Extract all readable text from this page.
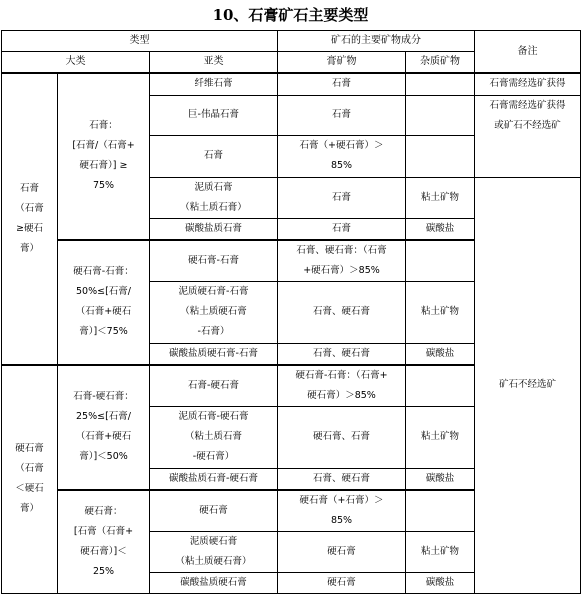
10、石膏矿石主要类型
类型			矿石的主要矿物成分		备注
大类		亚类	膏矿物	杂质矿物	
石膏
（石膏
≥硬石
膏）	石膏：
[石膏/（石膏+
硬石膏）] ≥
75%	纤维石膏	石膏		石膏需经选矿获得
		巨-伟晶石膏	石膏		石膏需经选矿获得
或矿石不经选矿
		石膏	石膏（+硬石膏）＞
85%		
		泥质石膏
（粘土质石膏）	石膏	粘土矿物	矿石不经选矿
		碳酸盐质石膏	石膏	碳酸盐	
	硬石膏-石膏：
50%≤[石膏/
（石膏+硬石
膏）]＜75%	硬石膏-石膏	石膏、硬石膏：（石膏
+硬石膏）＞85%		
		泥质硬石膏-石膏
（粘土质硬石膏
-石膏）	石膏、硬石膏	粘土矿物	
		碳酸盐质硬石膏-石膏	石膏、硬石膏	碳酸盐	
硬石膏
（石膏
＜硬石
膏）	石膏-硬石膏：
25%≤[石膏/
（石膏+硬石
膏）]＜50%	石膏-硬石膏	硬石膏-石膏：（石膏+
硬石膏）＞85%		
		泥质石膏-硬石膏
（粘土质石膏
-硬石膏）	硬石膏、石膏	粘土矿物	
		碳酸盐质石膏-硬石膏	石膏、硬石膏	碳酸盐	
	硬石膏：
[石膏（石膏+
硬石膏）]＜
25%	硬石膏	硬石膏（+石膏）＞
85%		
		泥质硬石膏
（粘土质硬石膏）	硬石膏	粘土矿物	
		碳酸盐质硬石膏	硬石膏	碳酸盐	
